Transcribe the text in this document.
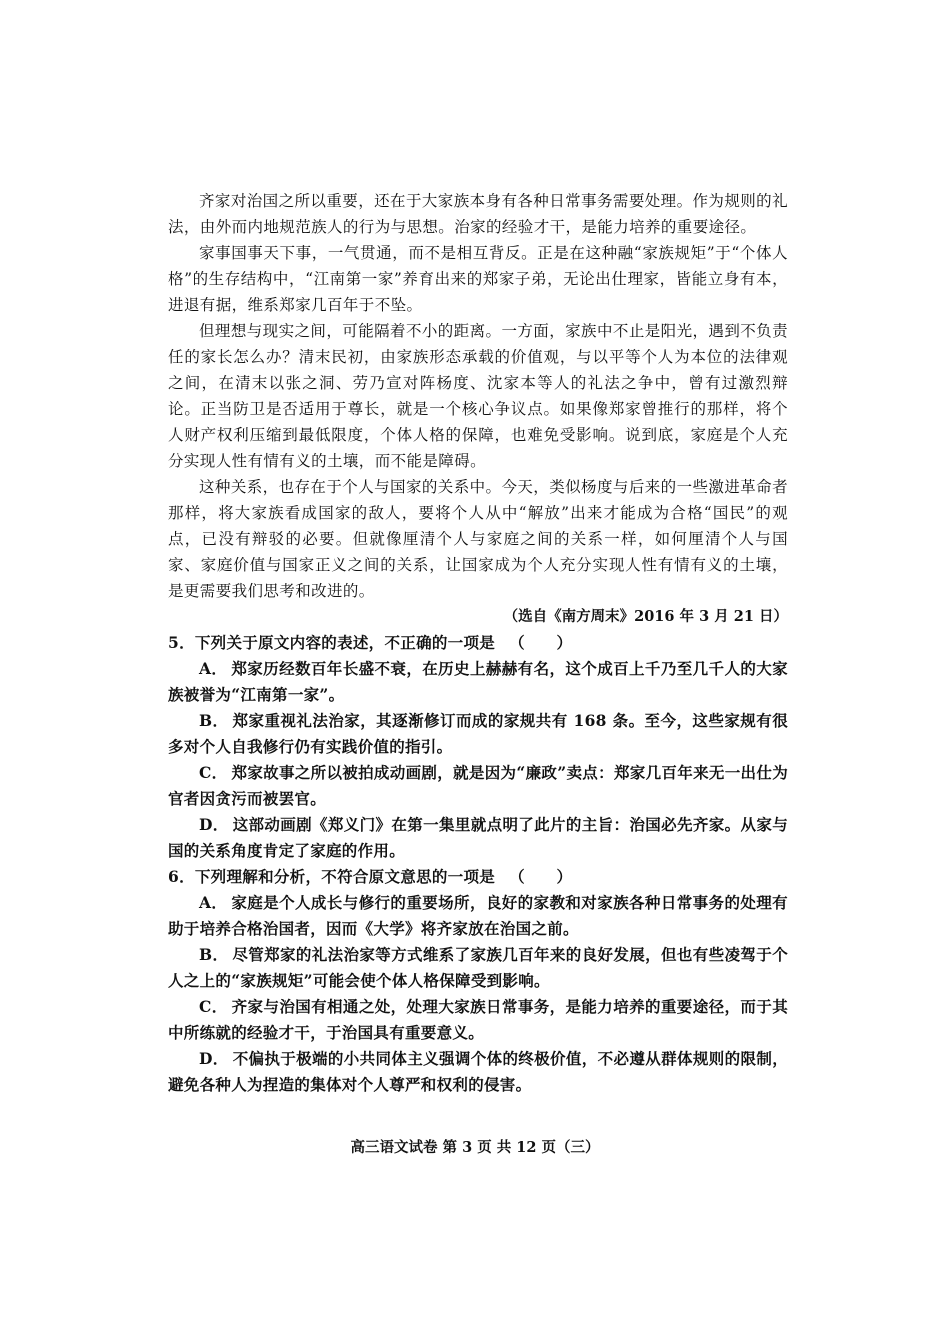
齐家对治国之所以重要，还在于大家族本身有各种日常事务需要处理。作为规则的礼法，由外而内地规范族人的行为与思想。治家的经验才干，是能力培养的重要途径。

家事国事天下事，一气贯通，而不是相互背反。正是在这种融“家族规矩”于“个体人格”的生存结构中，“江南第一家”养育出来的郑家子弟，无论出仕理家，皆能立身有本，进退有据，维系郑家几百年于不坠。

但理想与现实之间，可能隔着不小的距离。一方面，家族中不止是阳光，遇到不负责任的家长怎么办？清末民初，由家族形态承载的价值观，与以平等个人为本位的法律观之间，在清末以张之洞、劳乃宣对阵杨度、沈家本等人的礼法之争中，曾有过激烈辩论。正当防卫是否适用于尊长，就是一个核心争议点。如果像郑家曾推行的那样，将个人财产权利压缩到最低限度，个体人格的保障，也难免受影响。说到底，家庭是个人充分实现人性有情有义的土壤，而不能是障碍。

这种关系，也存在于个人与国家的关系中。今天，类似杨度与后来的一些激进革命者那样，将大家族看成国家的敌人，要将个人从中“解放”出来才能成为合格“国民”的观点，已没有辩驳的必要。但就像厘清个人与家庭之间的关系一样，如何厘清个人与国家、家庭价值与国家正义之间的关系，让国家成为个人充分实现人性有情有义的土壤，是更需要我们思考和改进的。

（选自《南方周末》2016 年 3 月 21 日）

5．下列关于原文内容的表述，不正确的一项是 （　　）

A． 郑家历经数百年长盛不衰，在历史上赫赫有名，这个成百上千乃至几千人的大家族被誉为“江南第一家”。

B． 郑家重视礼法治家，其逐渐修订而成的家规共有 168 条。至今，这些家规有很多对个人自我修行仍有实践价值的指引。

C． 郑家故事之所以被拍成动画剧，就是因为“廉政”卖点：郑家几百年来无一出仕为官者因贪污而被罢官。

D． 这部动画剧《郑义门》在第一集里就点明了此片的主旨：治国必先齐家。从家与国的关系角度肯定了家庭的作用。

6．下列理解和分析，不符合原文意思的一项是 （　　）

A． 家庭是个人成长与修行的重要场所，良好的家教和对家族各种日常事务的处理有助于培养合格治国者，因而《大学》将齐家放在治国之前。

B． 尽管郑家的礼法治家等方式维系了家族几百年来的良好发展，但也有些凌驾于个人之上的“家族规矩”可能会使个体人格保障受到影响。

C． 齐家与治国有相通之处，处理大家族日常事务，是能力培养的重要途径，而于其中所练就的经验才干，于治国具有重要意义。

D． 不偏执于极端的小共同体主义强调个体的终极价值，不必遵从群体规则的限制，避免各种人为捏造的集体对个人尊严和权利的侵害。

高三语文试卷 第 3 页 共 12 页（三）
